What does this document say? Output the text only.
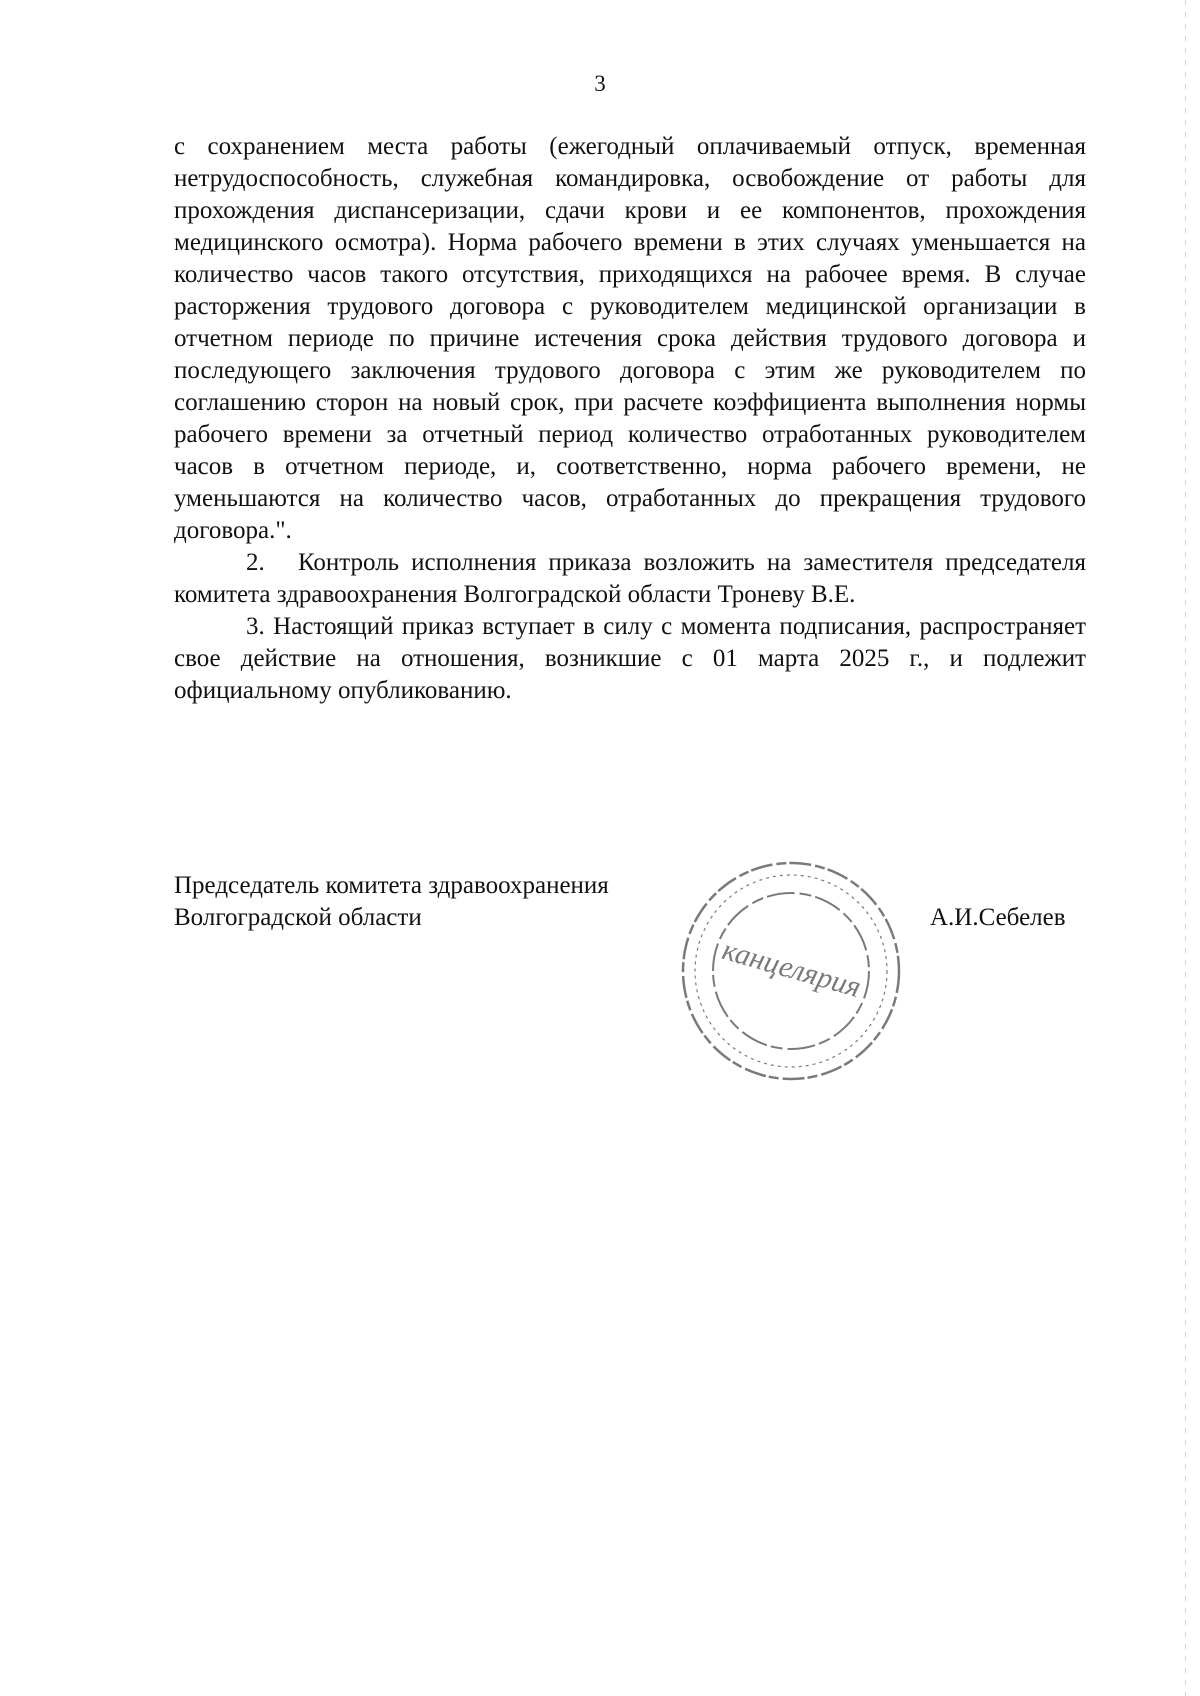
3

с сохранением места работы (ежегодный оплачиваемый отпуск, временная нетрудоспособность, служебная командировка, освобождение от работы для прохождения диспансеризации, сдачи крови и ее компонентов, прохождения медицинского осмотра). Норма рабочего времени в этих случаях уменьшается на количество часов такого отсутствия, приходящихся на рабочее время. В случае расторжения трудового договора с руководителем медицинской организации в отчетном периоде по причине истечения срока действия трудового договора и последующего заключения трудового договора с этим же руководителем по соглашению сторон на новый срок, при расчете коэффициента выполнения нормы рабочего времени за отчетный период количество отработанных руководителем часов в отчетном периоде, и, соответственно, норма рабочего времени, не уменьшаются на количество часов, отработанных до прекращения трудового договора.".

2. Контроль исполнения приказа возложить на заместителя председателя комитета здравоохранения Волгоградской области Троневу В.Е.

3. Настоящий приказ вступает в силу с момента подписания, распространяет свое действие на отношения, возникшие с 01 марта 2025 г., и подлежит официальному опубликованию.

Председатель комитета здравоохранения
Волгоградской области
канцелярия
А.И.Себелев
